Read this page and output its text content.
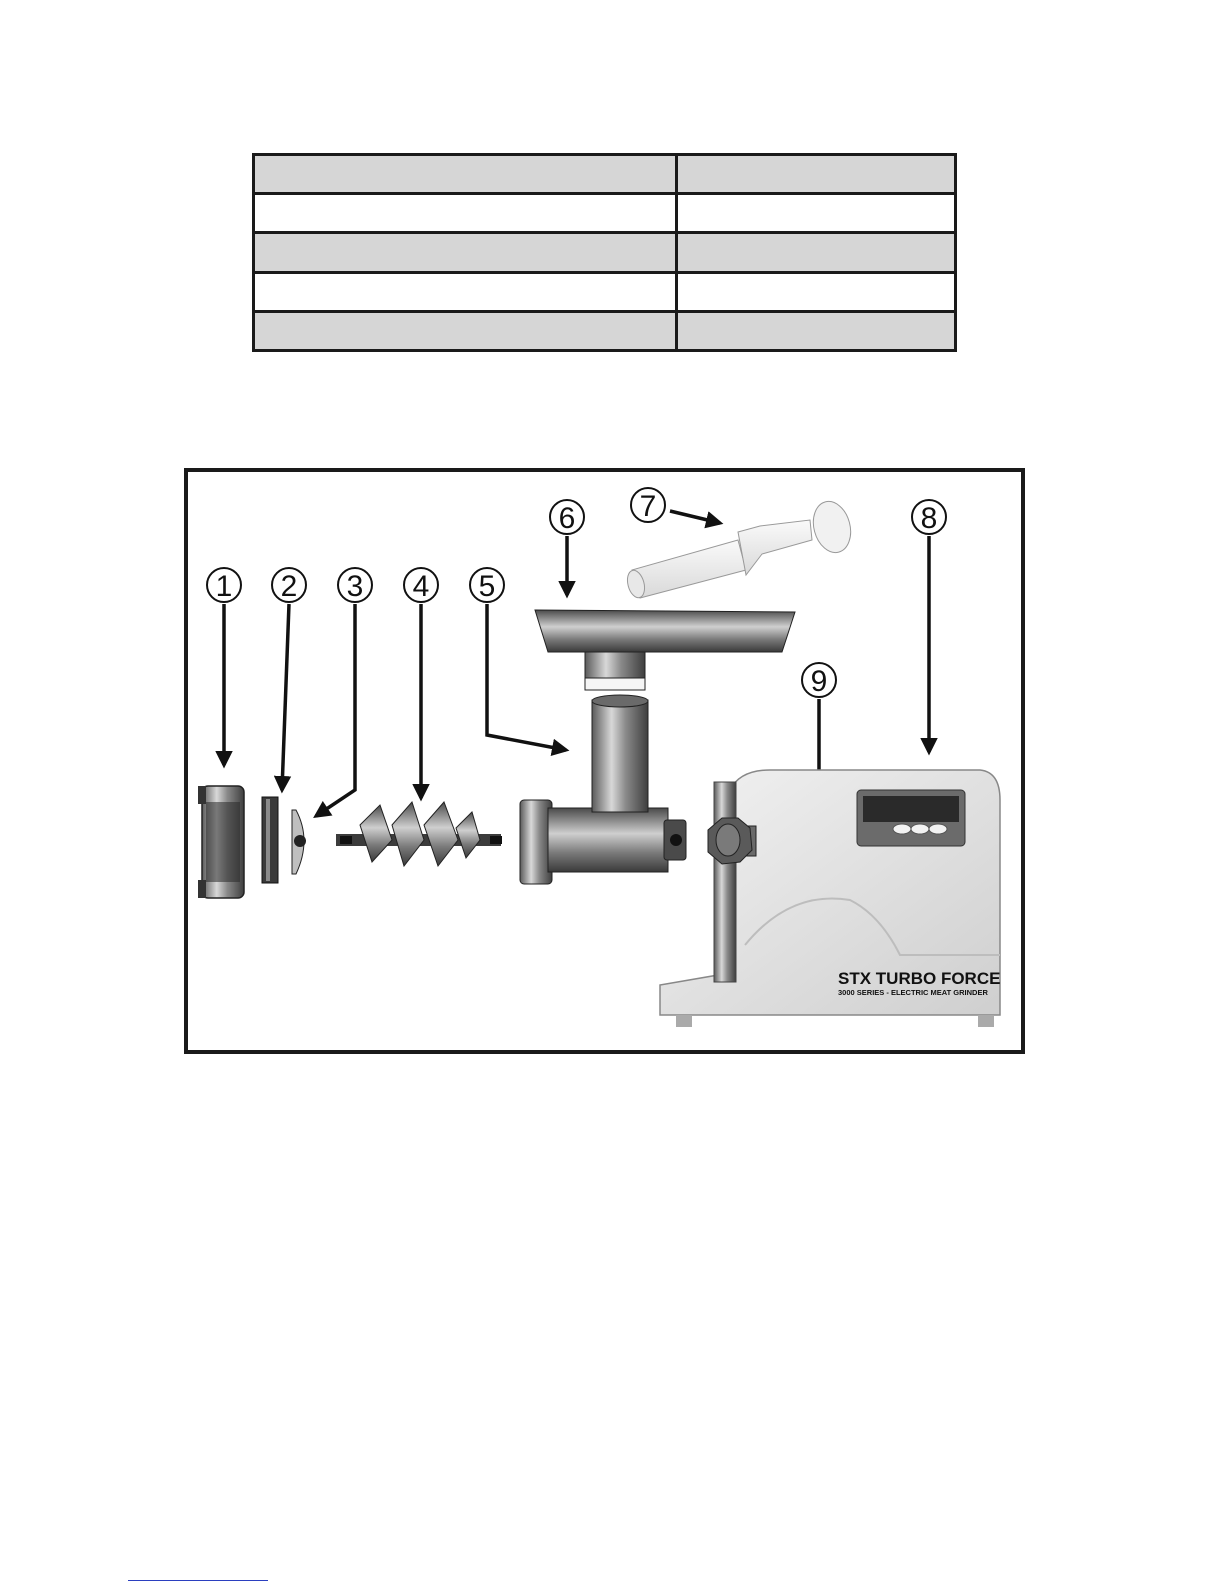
1 2 3 4 5
6 7	8
9
STX TURBO FORCE
3000 SERIES - ELECTRIC MEAT GRINDER
